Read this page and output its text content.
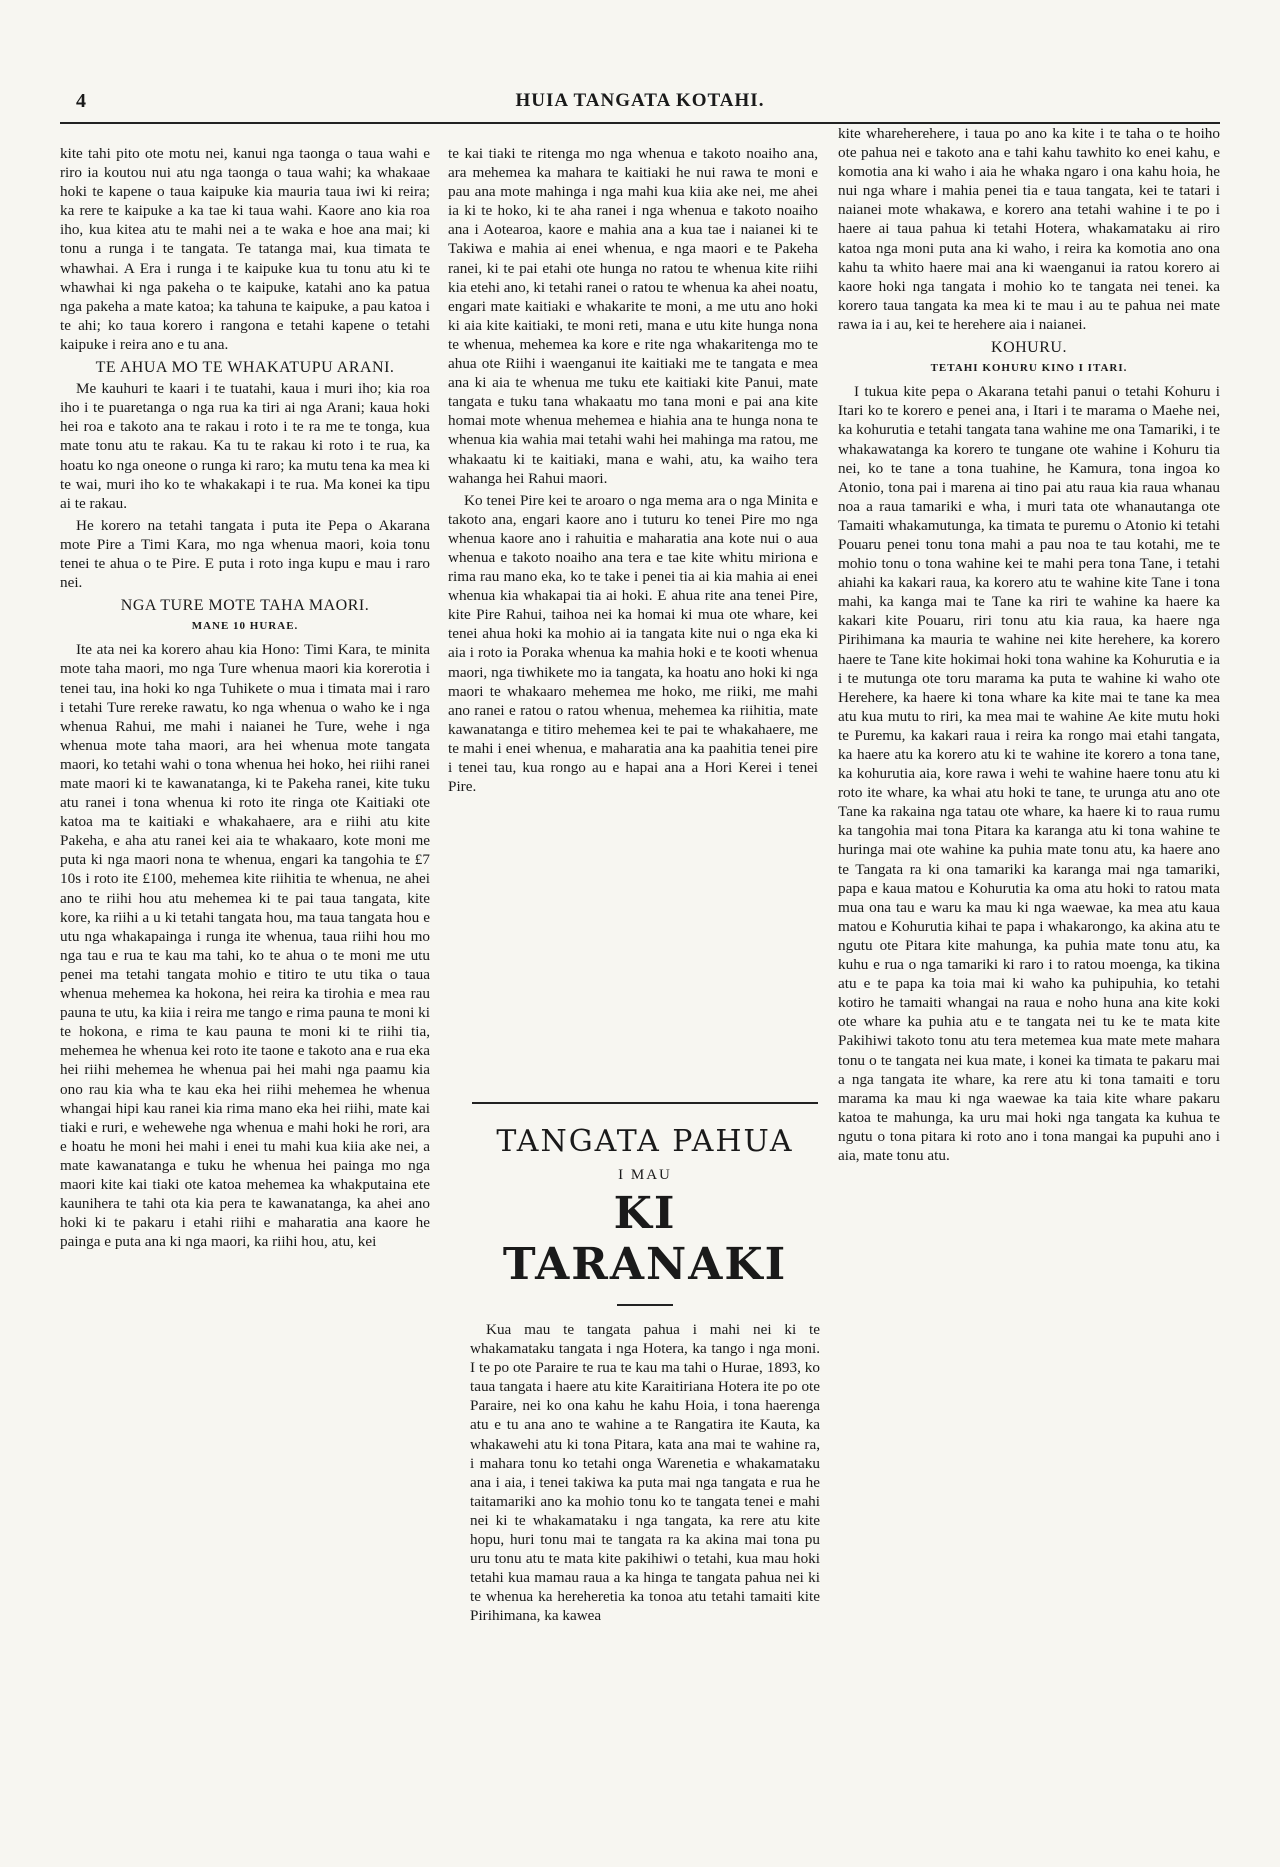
4	HUIA TANGATA KOTAHI.

kite tahi pito ote motu nei, kanui nga taonga o taua wahi e riro ia koutou nui atu nga taonga o taua wahi; ka whakaae hoki te kapene o taua kaipuke kia mauria taua iwi ki reira; ka rere te kaipuke a ka tae ki taua wahi. Kaore ano kia roa iho, kua kitea atu te mahi nei a te waka e hoe ana mai; ki tonu a runga i te tangata. Te tatanga mai, kua timata te whawhai. A Era i runga i te kaipuke kua tu tonu atu ki te whawhai ki nga pakeha o te kaipuke, katahi ano ka patua nga pakeha a mate katoa; ka tahuna te kaipuke, a pau katoa i te ahi; ko taua korero i rangona e tetahi kapene o tetahi kaipuke i reira ano e tu ana.

TE AHUA MO TE WHAKATUPU ARANI.

Me kauhuri te kaari i te tuatahi, kaua i muri iho; kia roa iho i te puaretanga o nga rua ka tiri ai nga Arani; kaua hoki hei roa e takoto ana te rakau i roto i te ra me te tonga, kua mate tonu atu te rakau. Ka tu te rakau ki roto i te rua, ka hoatu ko nga oneone o runga ki raro; ka mutu tena ka mea ki te wai, muri iho ko te whakakapi i te rua. Ma konei ka tipu ai te rakau.

He korero na tetahi tangata i puta ite Pepa o Akarana mote Pire a Timi Kara, mo nga whenua maori, koia tonu tenei te ahua o te Pire. E puta i roto inga kupu e mau i raro nei.

NGA TURE MOTE TAHA MAORI.
MANE 10 HURAE.

Ite ata nei ka korero ahau kia Hono: Timi Kara, te minita mote taha maori, mo nga Ture whenua maori kia korerotia i tenei tau, ina hoki ko nga Tuhikete o mua i timata mai i raro i tetahi Ture rereke rawatu, ko nga whenua o waho ke i nga whenua Rahui, me mahi i naianei he Ture, wehe i nga whenua mote taha maori, ara hei whenua mote tangata maori, ko tetahi wahi o tona whenua hei hoko, hei riihi ranei mate maori ki te kawanatanga, ki te Pakeha ranei, kite tuku atu ranei i tona whenua ki roto ite ringa ote Kaitiaki ote katoa ma te kaitiaki e whakahaere, ara e riihi atu kite Pakeha, e aha atu ranei kei aia te whakaaro, kote moni me puta ki nga maori nona te whenua, engari ka tangohia te £7 10s i roto ite £100, mehemea kite riihitia te whenua, ne ahei ano te riihi hou atu mehemea ki te pai taua tangata, kite kore, ka riihi a u ki tetahi tangata hou, ma taua tangata hou e utu nga whakapainga i runga ite whenua, taua riihi hou mo nga tau e rua te kau ma tahi, ko te ahua o te moni me utu penei ma tetahi tangata mohio e titiro te utu tika o taua whenua mehemea ka hokona, hei reira ka tirohia e mea rau pauna te utu, ka kiia i reira me tango e rima pauna te moni ki te hokona, e rima te kau pauna te moni ki te riihi tia, mehemea he whenua kei roto ite taone e takoto ana e rua eka hei riihi mehemea he whenua pai hei mahi nga paamu kia ono rau kia wha te kau eka hei riihi mehemea he whenua whangai hipi kau ranei kia rima mano eka hei riihi, mate kai tiaki e ruri, e wehewehe nga whenua e mahi hoki he rori, ara e hoatu he moni hei mahi i enei tu mahi kua kiia ake nei, a mate kawanatanga e tuku he whenua hei painga mo nga maori kite kai tiaki ote katoa mehemea ka whakputaina ete kaunihera te tahi ota kia pera te kawanatanga, ka ahei ano hoki ki te pakaru i etahi riihi e maharatia ana kaore he painga e puta ana ki nga maori, ka riihi hou, atu, kei

te kai tiaki te ritenga mo nga whenua e takoto noaiho ana, ara mehemea ka mahara te kaitiaki he nui rawa te moni e pau ana mote mahinga i nga mahi kua kiia ake nei, me ahei ia ki te hoko, ki te aha ranei i nga whenua e takoto noaiho ana i Aotearoa, kaore e mahia ana a kua tae i naianei ki te Takiwa e mahia ai enei whenua, e nga maori e te Pakeha ranei, ki te pai etahi ote hunga no ratou te whenua kite riihi kia etehi ano, ki tetahi ranei o ratou te whenua ka ahei noatu, engari mate kaitiaki e whakarite te moni, a me utu ano hoki ki aia kite kaitiaki, te moni reti, mana e utu kite hunga nona te whenua, mehemea ka kore e rite nga whakaritenga mo te ahua ote Riihi i waenganui ite kaitiaki me te tangata e mea ana ki aia te whenua me tuku ete kaitiaki kite Panui, mate tangata e tuku tana whakaatu mo tana moni e pai ana kite homai mote whenua mehemea e hiahia ana te hunga nona te whenua kia wahia mai tetahi wahi hei mahinga ma ratou, me whakaatu ki te kaitiaki, mana e wahi, atu, ka waiho tera wahanga hei Rahui maori.

Ko tenei Pire kei te aroaro o nga mema ara o nga Minita e takoto ana, engari kaore ano i tuturu ko tenei Pire mo nga whenua kaore ano i rahuitia e maharatia ana kote nui o aua whenua e takoto noaiho ana tera e tae kite whitu miriona e rima rau mano eka, ko te take i penei tia ai kia mahia ai enei whenua kia whakapai tia ai hoki. E ahua rite ana tenei Pire, kite Pire Rahui, taihoa nei ka homai ki mua ote whare, kei tenei ahua hoki ka mohio ai ia tangata kite nui o nga eka ki aia i roto ia Poraka whenua ka mahia hoki e te kooti whenua maori, nga tiwhikete mo ia tangata, ka hoatu ano hoki ki nga maori te whakaaro mehemea me hoko, me riiki, me mahi ano ranei e ratou o ratou whenua, mehemea ka riihitia, mate kawanatanga e titiro mehemea kei te pai te whakahaere, me te mahi i enei whenua, e maharatia ana ka paahitia tenei pire i tenei tau, kua rongo au e hapai ana a Hori Kerei i tenei Pire.

TANGATA PAHUA
I MAU
KI TARANAKI

Kua mau te tangata pahua i mahi nei ki te whakamataku tangata i nga Hotera, ka tango i nga moni. I te po ote Paraire te rua te kau ma tahi o Hurae, 1893, ko taua tangata i haere atu kite Karaitiriana Hotera ite po ote Paraire, nei ko ona kahu he kahu Hoia, i tona haerenga atu e tu ana ano te wahine a te Rangatira ite Kauta, ka whakawehi atu ki tona Pitara, kata ana mai te wahine ra, i mahara tonu ko tetahi onga Warenetia e whakamataku ana i aia, i tenei takiwa ka puta mai nga tangata e rua he taitamariki ano ka mohio tonu ko te tangata tenei e mahi nei ki te whakamataku i nga tangata, ka rere atu kite hopu, huri tonu mai te tangata ra ka akina mai tona pu uru tonu atu te mata kite pakihiwi o tetahi, kua mau hoki tetahi kua mamau raua a ka hinga te tangata pahua nei ki te whenua ka hereheretia ka tonoa atu tetahi tamaiti kite Pirihimana, ka kawea

kite whareherehere, i taua po ano ka kite i te taha o te hoiho ote pahua nei e takoto ana e tahi kahu tawhito ko enei kahu, e komotia ana ki waho i aia he whaka ngaro i ona kahu hoia, he nui nga whare i mahia penei tia e taua tangata, kei te tatari i naianei mote whakawa, e korero ana tetahi wahine i te po i haere ai taua pahua ki tetahi Hotera, whakamataku ai riro katoa nga moni puta ana ki waho, i reira ka komotia ano ona kahu ta whito haere mai ana ki waenganui ia ratou korero ai kaore hoki nga tangata i mohio ko te tangata nei tenei. ka korero taua tangata ka mea ki te mau i au te pahua nei mate rawa ia i au, kei te herehere aia i naianei.

KOHURU.
TETAHI KOHURU KINO I ITARI.

I tukua kite pepa o Akarana tetahi panui o tetahi Kohuru i Itari ko te korero e penei ana, i Itari i te marama o Maehe nei, ka kohurutia e tetahi tangata tana wahine me ona Tamariki, i te whakawatanga ka korero te tungane ote wahine i Kohuru tia nei, ko te tane a tona tuahine, he Kamura, tona ingoa ko Atonio, tona pai i marena ai tino pai atu raua kia raua whanau noa a raua tamariki e wha, i muri tata ote whanautanga ote Tamaiti whakamutunga, ka timata te puremu o Atonio ki tetahi Pouaru penei tonu tona mahi a pau noa te tau kotahi, me te mohio tonu o tona wahine kei te mahi pera tona Tane, i tetahi ahiahi ka kakari raua, ka korero atu te wahine kite Tane i tona mahi, ka kanga mai te Tane ka riri te wahine ka haere ka kakari kite Pouaru, riri tonu atu kia raua, ka haere nga Pirihimana ka mauria te wahine nei kite herehere, ka korero haere te Tane kite hokimai hoki tona wahine ka Kohurutia e ia i te mutunga ote toru marama ka puta te wahine ki waho ote Herehere, ka haere ki tona whare ka kite mai te tane ka mea atu kua mutu to riri, ka mea mai te wahine Ae kite mutu hoki te Puremu, ka kakari raua i reira ka rongo mai etahi tangata, ka haere atu ka korero atu ki te wahine ite korero a tona tane, ka kohurutia aia, kore rawa i wehi te wahine haere tonu atu ki roto ite whare, ka whai atu hoki te tane, te urunga atu ano ote Tane ka rakaina nga tatau ote whare, ka haere ki to raua rumu ka tangohia mai tona Pitara ka karanga atu ki tona wahine te huringa mai ote wahine ka puhia mate tonu atu, ka haere ano te Tangata ra ki ona tamariki ka karanga mai nga tamariki, papa e kaua matou e Kohurutia ka oma atu hoki to ratou mata mua ona tau e waru ka mau ki nga waewae, ka mea atu kaua matou e Kohurutia kihai te papa i whakarongo, ka akina atu te ngutu ote Pitara kite mahunga, ka puhia mate tonu atu, ka kuhu e rua o nga tamariki ki raro i to ratou moenga, ka tikina atu e te papa ka toia mai ki waho ka puhipuhia, ko tetahi kotiro he tamaiti whangai na raua e noho huna ana kite koki ote whare ka puhia atu e te tangata nei tu ke te mata kite Pakihiwi takoto tonu atu tera metemea kua mate mete mahara tonu o te tangata nei kua mate, i konei ka timata te pakaru mai a nga tangata ite whare, ka rere atu ki tona tamaiti e toru marama ka mau ki nga waewae ka taia kite whare pakaru katoa te mahunga, ka uru mai hoki nga tangata ka kuhua te ngutu o tona pitara ki roto ano i tona mangai ka pupuhi ano i aia, mate tonu atu.
